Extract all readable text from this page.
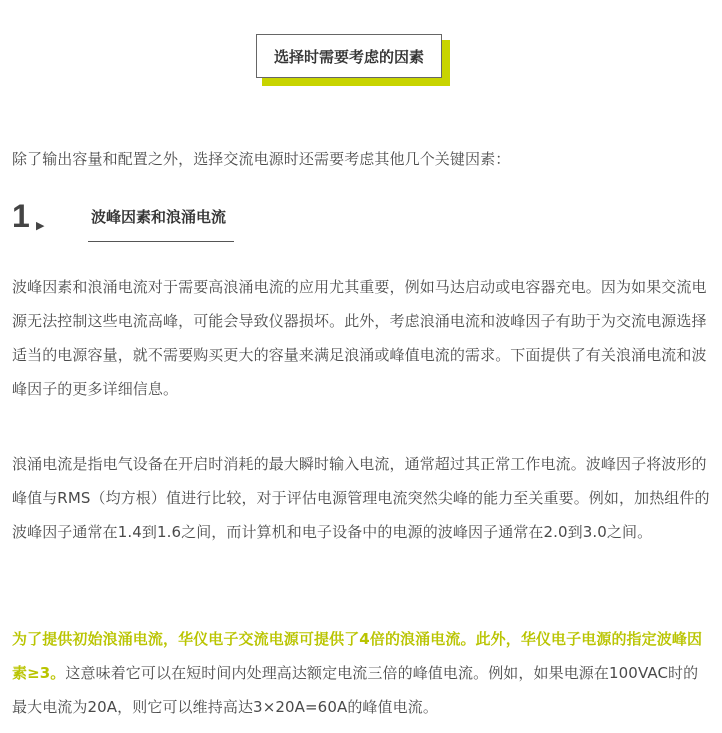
选择时需要考虑的因素
除了输出容量和配置之外，选择交流电源时还需要考虑其他几个关键因素：
1 ▶	波峰因素和浪涌电流
波峰因素和浪涌电流对于需要高浪涌电流的应用尤其重要，例如马达启动或电容器充电。因为如果交流电源无法控制这些电流高峰，可能会导致仪器损坏。此外，考虑浪涌电流和波峰因子有助于为交流电源选择适当的电源容量，就不需要购买更大的容量来满足浪涌或峰值电流的需求。下面提供了有关浪涌电流和波峰因子的更多详细信息。
浪涌电流是指电气设备在开启时消耗的最大瞬时输入电流，通常超过其正常工作电流。波峰因子将波形的峰值与RMS（均方根）值进行比较，对于评估电源管理电流突然尖峰的能力至关重要。例如，加热组件的波峰因子通常在1.4到1.6之间，而计算机和电子设备中的电源的波峰因子通常在2.0到3.0之间。
为了提供初始浪涌电流，华仪电子交流电源可提供了4倍的浪涌电流。此外，华仪电子电源的指定波峰因素≥3。这意味着它可以在短时间内处理高达额定电流三倍的峰值电流。例如，如果电源在100VAC时的最大电流为20A，则它可以维持高达3×20A=60A的峰值电流。
